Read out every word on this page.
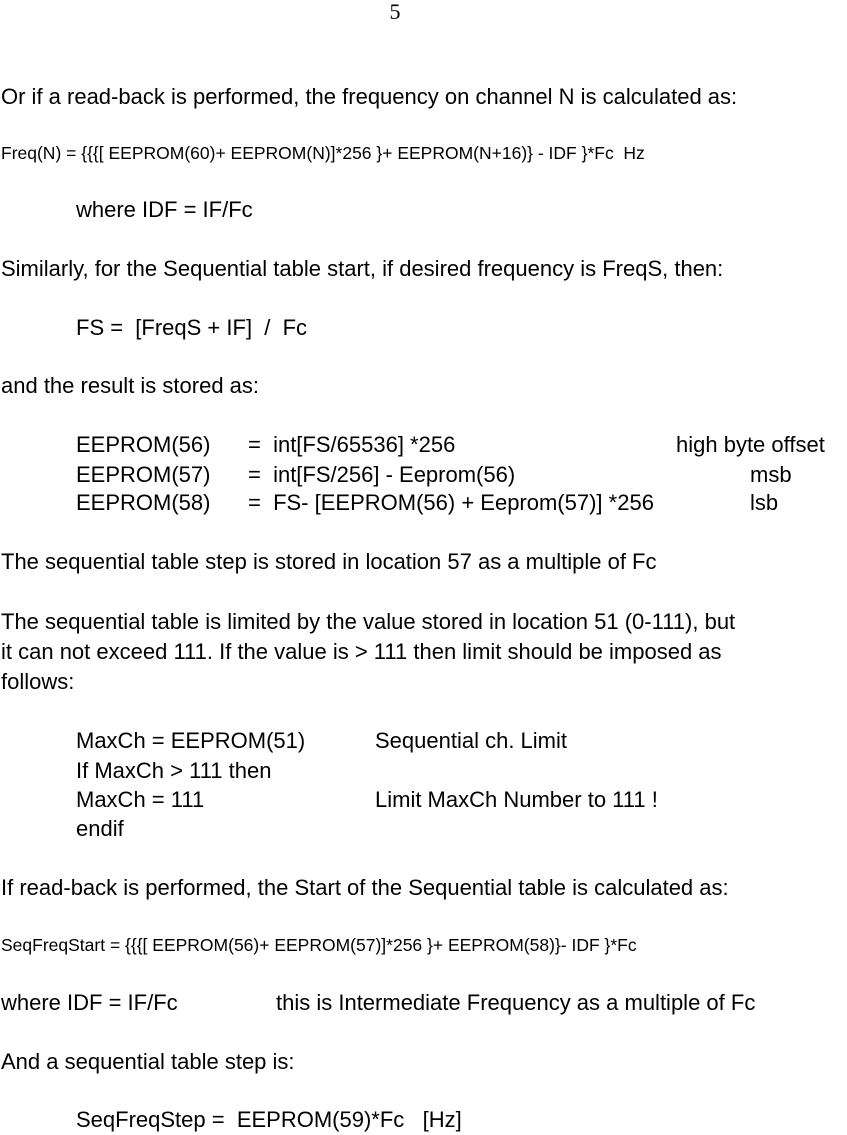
5
Or if a read-back is performed, the frequency on channel N is calculated as:
Freq(N) = {{{[ EEPROM(60)+ EEPROM(N)]*256 }+ EEPROM(N+16)} - IDF }*Fc  Hz
where IDF = IF/Fc
Similarly, for the Sequential table start, if desired frequency is FreqS, then:
FS =  [FreqS + IF]  /  Fc
and the result is stored as:
EEPROM(56) =  int[FS/65536] *256	high byte offset
EEPROM(57) =  int[FS/256] - Eeprom(56)	msb
EEPROM(58) =  FS- [EEPROM(56) + Eeprom(57)] *256	lsb
The sequential table step is stored in location 57 as a multiple of Fc
The sequential table is limited by the value stored in location 51 (0-111), but
it can not exceed 111. If the value is > 111 then limit should be imposed as
follows:
MaxCh = EEPROM(51)	Sequential ch. Limit
If MaxCh > 111 then
MaxCh = 111	Limit MaxCh Number to 111 !
endif
If read-back is performed, the Start of the Sequential table is calculated as:
SeqFreqStart = {{{[ EEPROM(56)+ EEPROM(57)]*256 }+ EEPROM(58)}- IDF }*Fc
where IDF = IF/Fc	this is Intermediate Frequency as a multiple of Fc
And a sequential table step is:
SeqFreqStep =  EEPROM(59)*Fc   [Hz]
